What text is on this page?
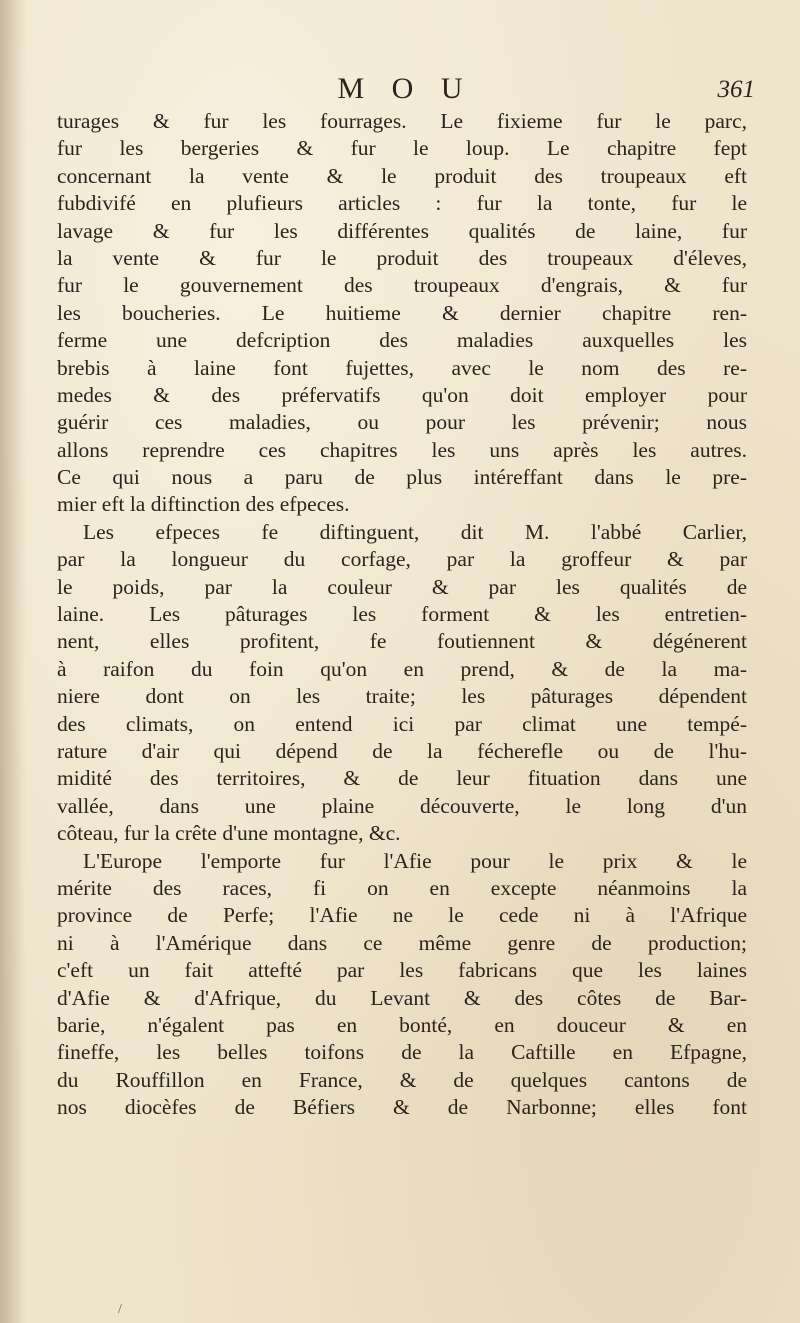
M O U	361
turages & fur les fourrages. Le fixieme fur le parc,
fur les bergeries & fur le loup. Le chapitre fept
concernant la vente & le produit des troupeaux eft
fubdivifé en plufieurs articles : fur la tonte, fur le
lavage & fur les différentes qualités de laine, fur
la vente & fur le produit des troupeaux d'éleves,
fur le gouvernement des troupeaux d'engrais, & fur
les boucheries. Le huitieme & dernier chapitre ren-
ferme une defcription des maladies auxquelles les
brebis à laine font fujettes, avec le nom des re-
medes & des préfervatifs qu'on doit employer pour
guérir ces maladies, ou pour les prévenir; nous
allons reprendre ces chapitres les uns après les autres.
Ce qui nous a paru de plus intéreffant dans le pre-
mier eft la diftinction des efpeces.
Les efpeces fe diftinguent, dit M. l'abbé Carlier,
par la longueur du corfage, par la groffeur & par
le poids, par la couleur & par les qualités de
laine. Les pâturages les forment & les entretien-
nent, elles profitent, fe foutiennent & dégénerent
à raifon du foin qu'on en prend, & de la ma-
niere dont on les traite; les pâturages dépendent
des climats, on entend ici par climat une tempé-
rature d'air qui dépend de la fécherefle ou de l'hu-
midité des territoires, & de leur fituation dans une
vallée, dans une plaine découverte, le long d'un
côteau, fur la crête d'une montagne, &c.
L'Europe l'emporte fur l'Afie pour le prix & le
mérite des races, fi on en excepte néanmoins la
province de Perfe; l'Afie ne le cede ni à l'Afrique
ni à l'Amérique dans ce même genre de production;
c'eft un fait attefté par les fabricans que les laines
d'Afie & d'Afrique, du Levant & des côtes de Bar-
barie, n'égalent pas en bonté, en douceur & en
fineffe, les belles toifons de la Caftille en Efpagne,
du Rouffillon en France, & de quelques cantons de
nos diocèfes de Béfiers & de Narbonne; elles font
/
